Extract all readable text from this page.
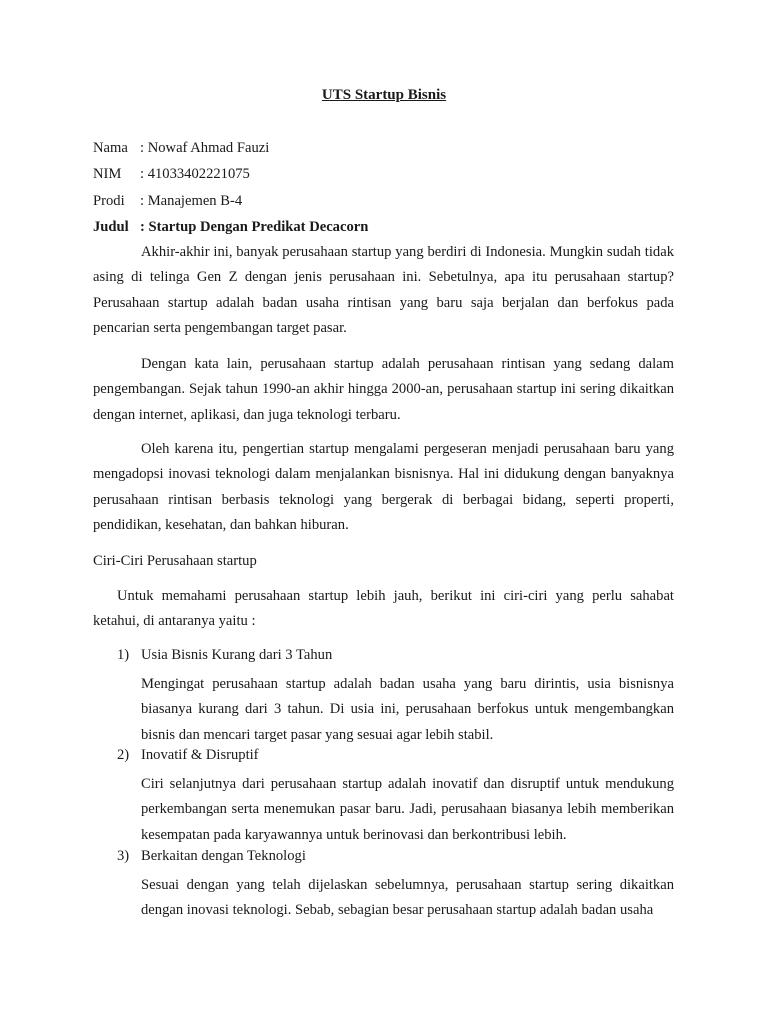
UTS Startup Bisnis
Nama : Nowaf Ahmad Fauzi
NIM : 41033402221075
Prodi : Manajemen B-4
Judul : Startup Dengan Predikat Decacorn
Akhir-akhir ini, banyak perusahaan startup yang berdiri di Indonesia. Mungkin sudah tidak asing di telinga Gen Z dengan jenis perusahaan ini. Sebetulnya, apa itu perusahaan startup? Perusahaan startup adalah badan usaha rintisan yang baru saja berjalan dan berfokus pada pencarian serta pengembangan target pasar.
Dengan kata lain, perusahaan startup adalah perusahaan rintisan yang sedang dalam pengembangan. Sejak tahun 1990-an akhir hingga 2000-an, perusahaan startup ini sering dikaitkan dengan internet, aplikasi, dan juga teknologi terbaru.
Oleh karena itu, pengertian startup mengalami pergeseran menjadi perusahaan baru yang mengadopsi inovasi teknologi dalam menjalankan bisnisnya. Hal ini didukung dengan banyaknya perusahaan rintisan berbasis teknologi yang bergerak di berbagai bidang, seperti properti, pendidikan, kesehatan, dan bahkan hiburan.
Ciri-Ciri Perusahaan startup
Untuk memahami perusahaan startup lebih jauh, berikut ini ciri-ciri yang perlu sahabat ketahui, di antaranya yaitu :
1) Usia Bisnis Kurang dari 3 Tahun
Mengingat perusahaan startup adalah badan usaha yang baru dirintis, usia bisnisnya biasanya kurang dari 3 tahun. Di usia ini, perusahaan berfokus untuk mengembangkan bisnis dan mencari target pasar yang sesuai agar lebih stabil.
2) Inovatif & Disruptif
Ciri selanjutnya dari perusahaan startup adalah inovatif dan disruptif untuk mendukung perkembangan serta menemukan pasar baru. Jadi, perusahaan biasanya lebih memberikan kesempatan pada karyawannya untuk berinovasi dan berkontribusi lebih.
3) Berkaitan dengan Teknologi
Sesuai dengan yang telah dijelaskan sebelumnya, perusahaan startup sering dikaitkan dengan inovasi teknologi. Sebab, sebagian besar perusahaan startup adalah badan usaha
